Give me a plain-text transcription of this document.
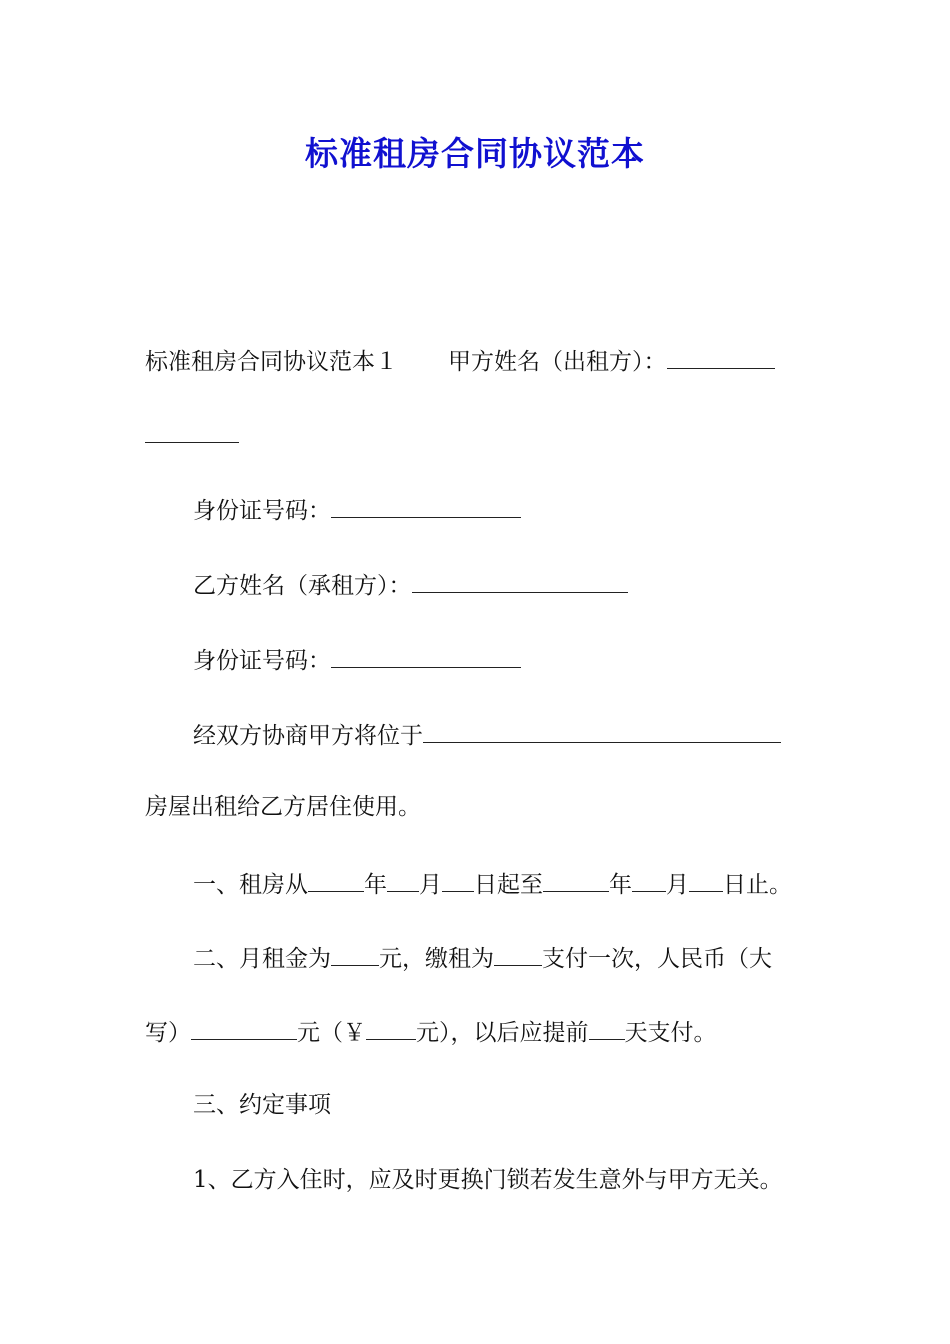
标准租房合同协议范本

标准租房合同协议范本１ 甲方姓名（出租方）：

身份证号码：

乙方姓名（承租方）：

身份证号码：

经双方协商甲方将位于

房屋出租给乙方居住使用。

一、租房从 年 月 日起至	年 月 日止。

二、月租金为 元，缴租为 支付一次，人民币（大

写）	元（￥ 元），以后应提前 天支付。

三、约定事项

1、乙方入住时，应及时更换门锁若发生意外与甲方无关。
